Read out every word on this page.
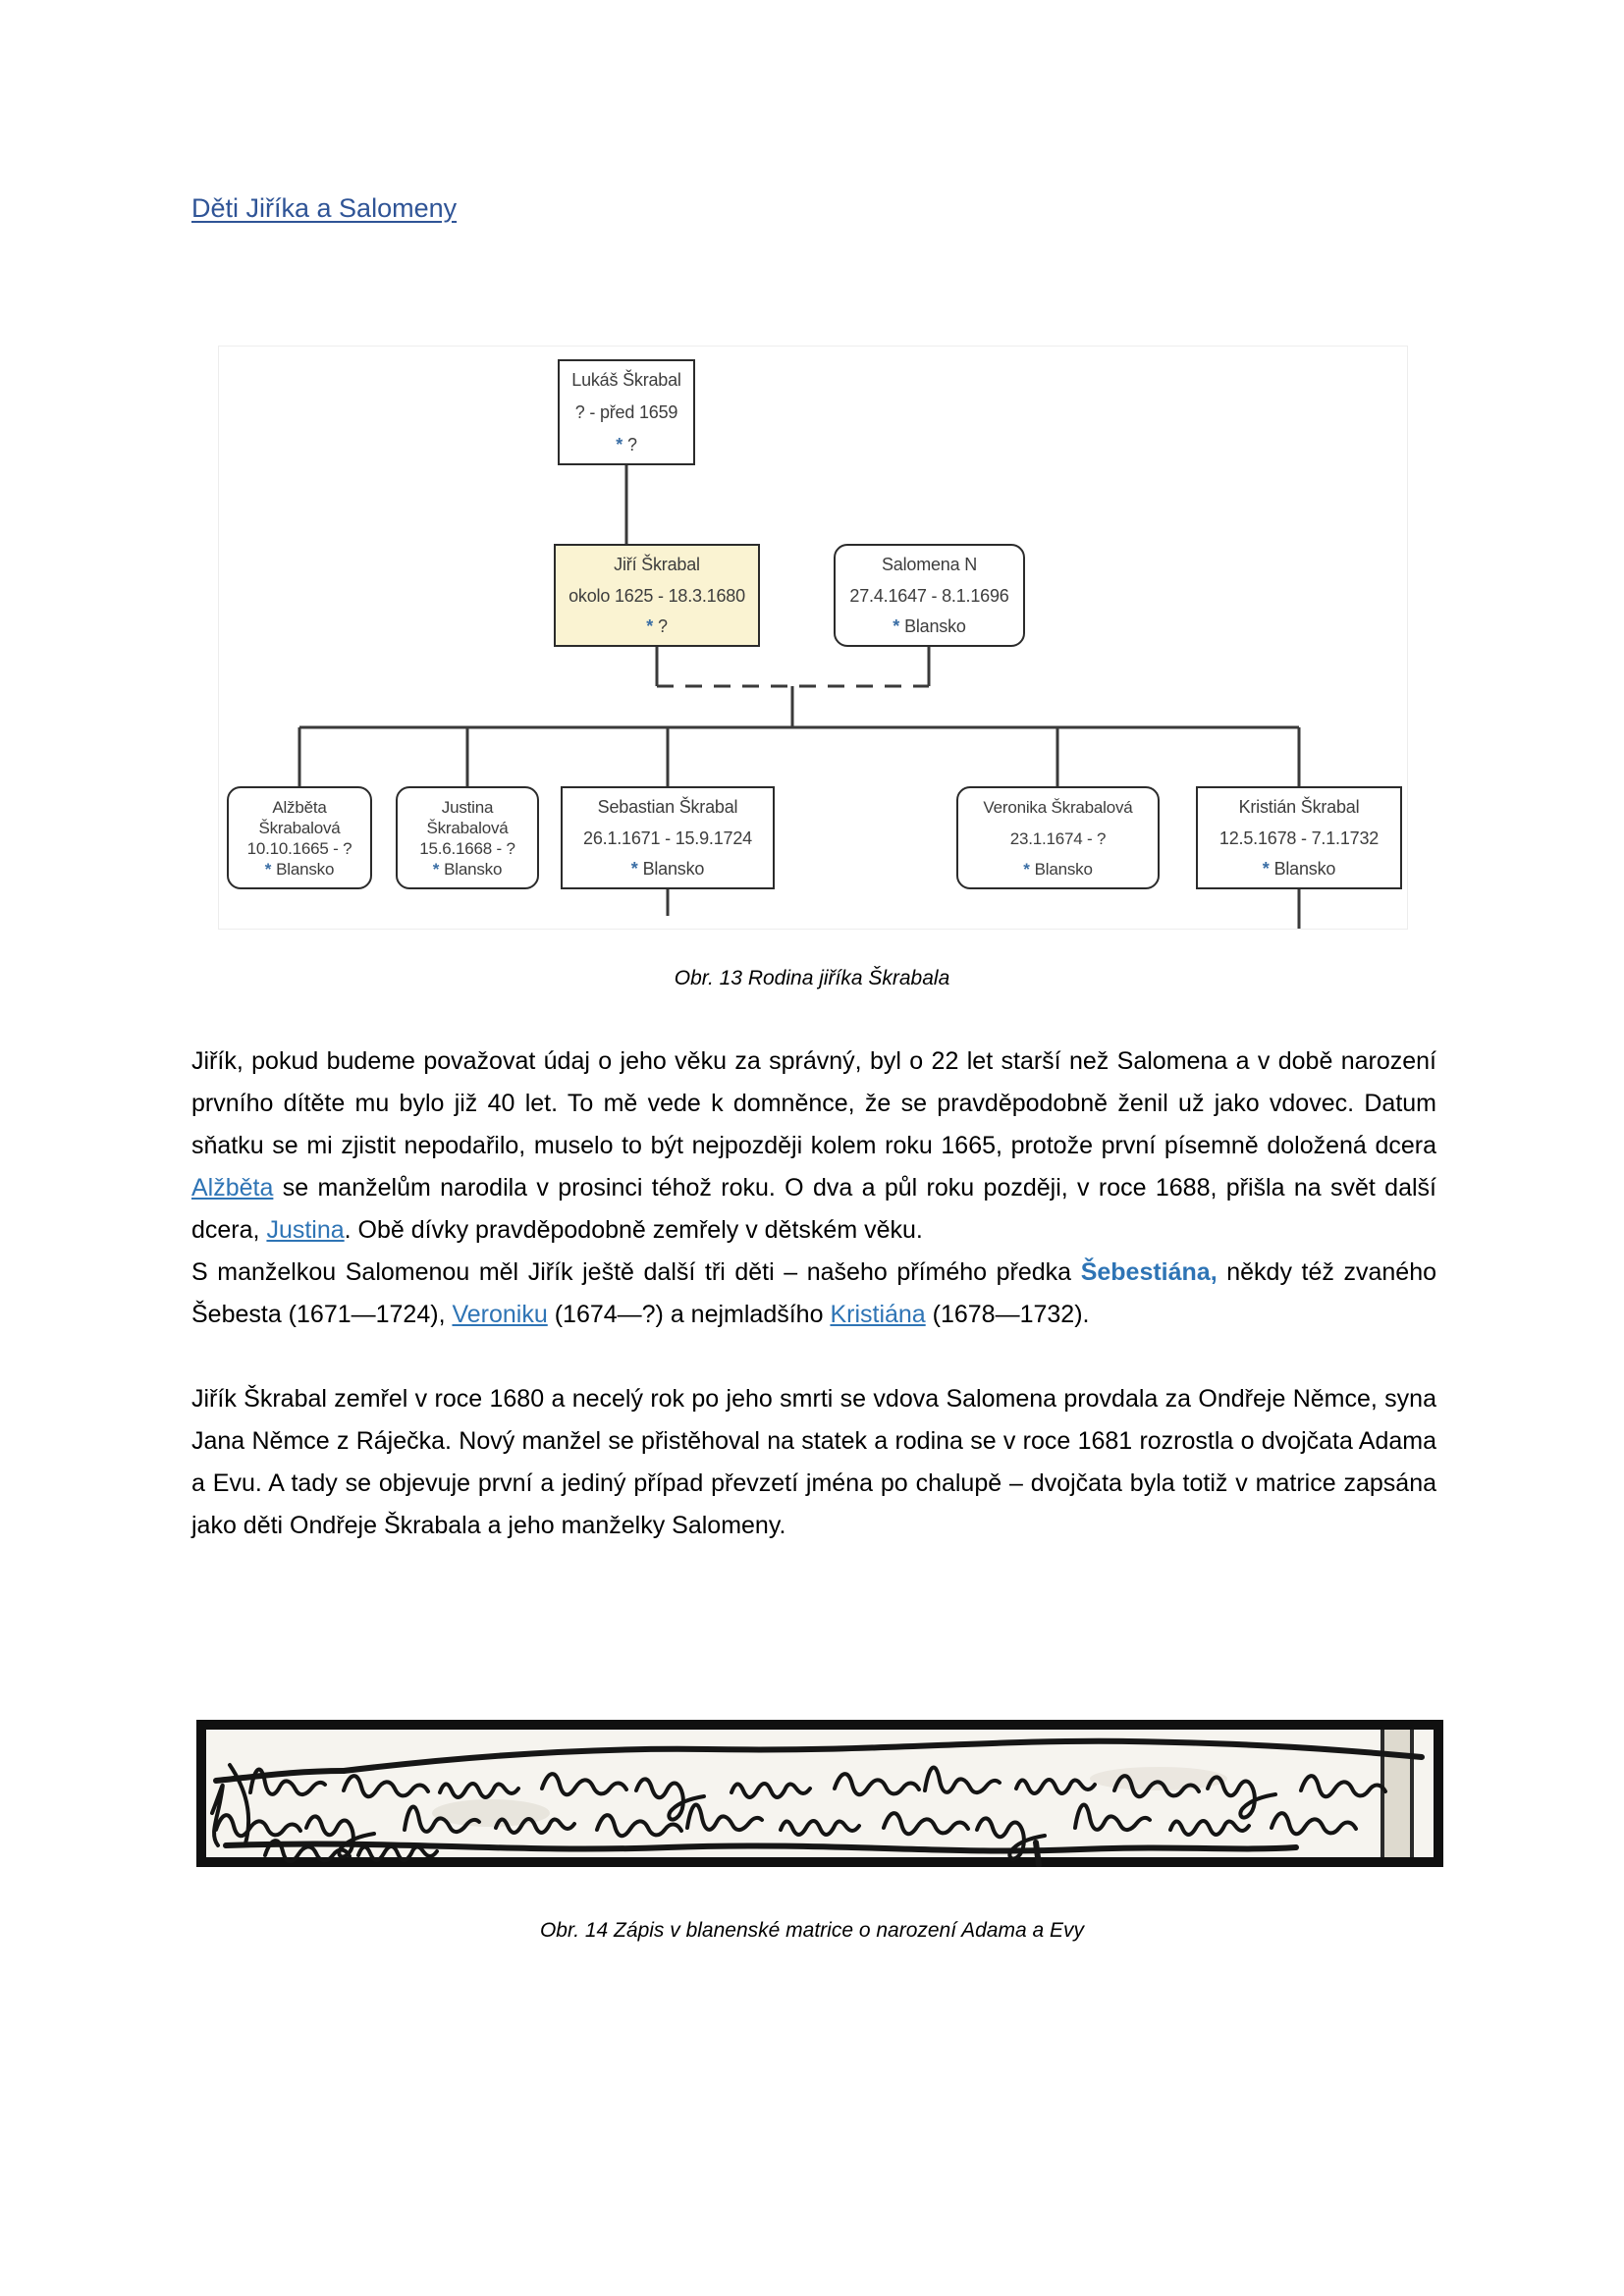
Děti Jiříka a Salomeny
Lukáš Škrabal
? - před 1659
* ?
Jiří Škrabal
okolo 1625 - 18.3.1680
* ?
Salomena N
27.4.1647 - 8.1.1696
* Blansko
Alžběta Škrabalová
10.10.1665 - ?
* Blansko
Justina Škrabalová
15.6.1668 - ?
* Blansko
Sebastian Škrabal
26.1.1671 - 15.9.1724
* Blansko
Veronika Škrabalová
23.1.1674 - ?
* Blansko
Kristián Škrabal
12.5.1678 - 7.1.1732
* Blansko
Obr. 13 Rodina jiříka Škrabala

Jiřík, pokud budeme považovat údaj o jeho věku za správný, byl o 22 let starší než Salomena a v době narození prvního dítěte mu bylo již 40 let. To mě vede k domněnce, že se pravděpodobně ženil už jako vdovec. Datum sňatku se mi zjistit nepodařilo, muselo to být nejpozději kolem roku 1665, protože první písemně doložená dcera Alžběta se manželům narodila v prosinci téhož roku. O dva a půl roku později, v roce 1688, přišla na svět další dcera, Justina. Obě dívky pravděpodobně zemřely v dětském věku.

S manželkou Salomenou měl Jiřík ještě další tři děti – našeho přímého předka Šebestiána, někdy též zvaného Šebesta (1671—1724), Veroniku (1674—?) a nejmladšího Kristiána (1678—1732).

Jiřík Škrabal zemřel v roce 1680 a necelý rok po jeho smrti se vdova Salomena provdala za Ondřeje Němce, syna Jana Němce z Ráječka. Nový manžel se přistěhoval na statek a rodina se v roce 1681 rozrostla o dvojčata Adama a Evu. A tady se objevuje první a jediný případ převzetí jména po chalupě – dvojčata byla totiž v matrice zapsána jako děti Ondřeje Škrabala a jeho manželky Salomeny.

Obr. 14 Zápis v blanenské matrice o narození Adama a Evy
